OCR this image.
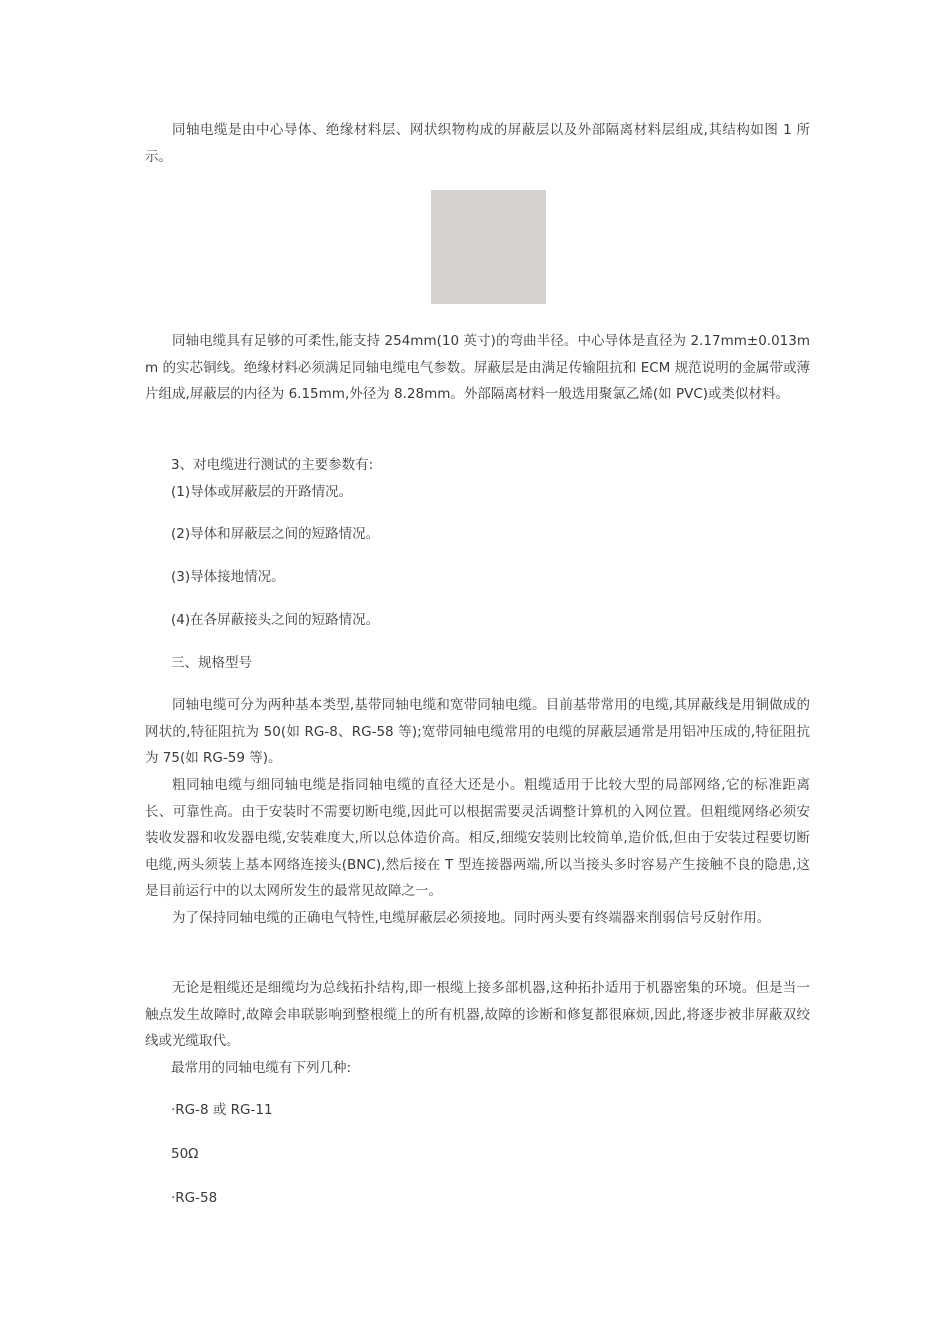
同轴电缆是由中心导体、绝缘材料层、网状织物构成的屏蔽层以及外部隔离材料层组成,其结构如图 1 所示。

同轴电缆具有足够的可柔性,能支持 254mm(10 英寸)的弯曲半径。中心导体是直径为 2.17mm±0.013mm 的实芯铜线。绝缘材料必须满足同轴电缆电气参数。屏蔽层是由满足传输阻抗和 ECM 规范说明的金属带或薄片组成,屏蔽层的内径为 6.15mm,外径为 8.28mm。外部隔离材料一般选用聚氯乙烯(如 PVC)或类似材料。

3、对电缆进行测试的主要参数有:

(1)导体或屏蔽层的开路情况。

(2)导体和屏蔽层之间的短路情况。

(3)导体接地情况。

(4)在各屏蔽接头之间的短路情况。

三、规格型号

同轴电缆可分为两种基本类型,基带同轴电缆和宽带同轴电缆。目前基带常用的电缆,其屏蔽线是用铜做成的网状的,特征阻抗为 50(如 RG-8、RG-58 等);宽带同轴电缆常用的电缆的屏蔽层通常是用铝冲压成的,特征阻抗为 75(如 RG-59 等)。

粗同轴电缆与细同轴电缆是指同轴电缆的直径大还是小。粗缆适用于比较大型的局部网络,它的标准距离长、可靠性高。由于安装时不需要切断电缆,因此可以根据需要灵活调整计算机的入网位置。但粗缆网络必须安装收发器和收发器电缆,安装难度大,所以总体造价高。相反,细缆安装则比较简单,造价低,但由于安装过程要切断电缆,两头须装上基本网络连接头(BNC),然后接在 T 型连接器两端,所以当接头多时容易产生接触不良的隐患,这是目前运行中的以太网所发生的最常见故障之一。

为了保持同轴电缆的正确电气特性,电缆屏蔽层必须接地。同时两头要有终端器来削弱信号反射作用。

无论是粗缆还是细缆均为总线拓扑结构,即一根缆上接多部机器,这种拓扑适用于机器密集的环境。但是当一触点发生故障时,故障会串联影响到整根缆上的所有机器,故障的诊断和修复都很麻烦,因此,将逐步被非屏蔽双绞线或光缆取代。

最常用的同轴电缆有下列几种:

·RG-8 或 RG-11

50Ω

·RG-58
